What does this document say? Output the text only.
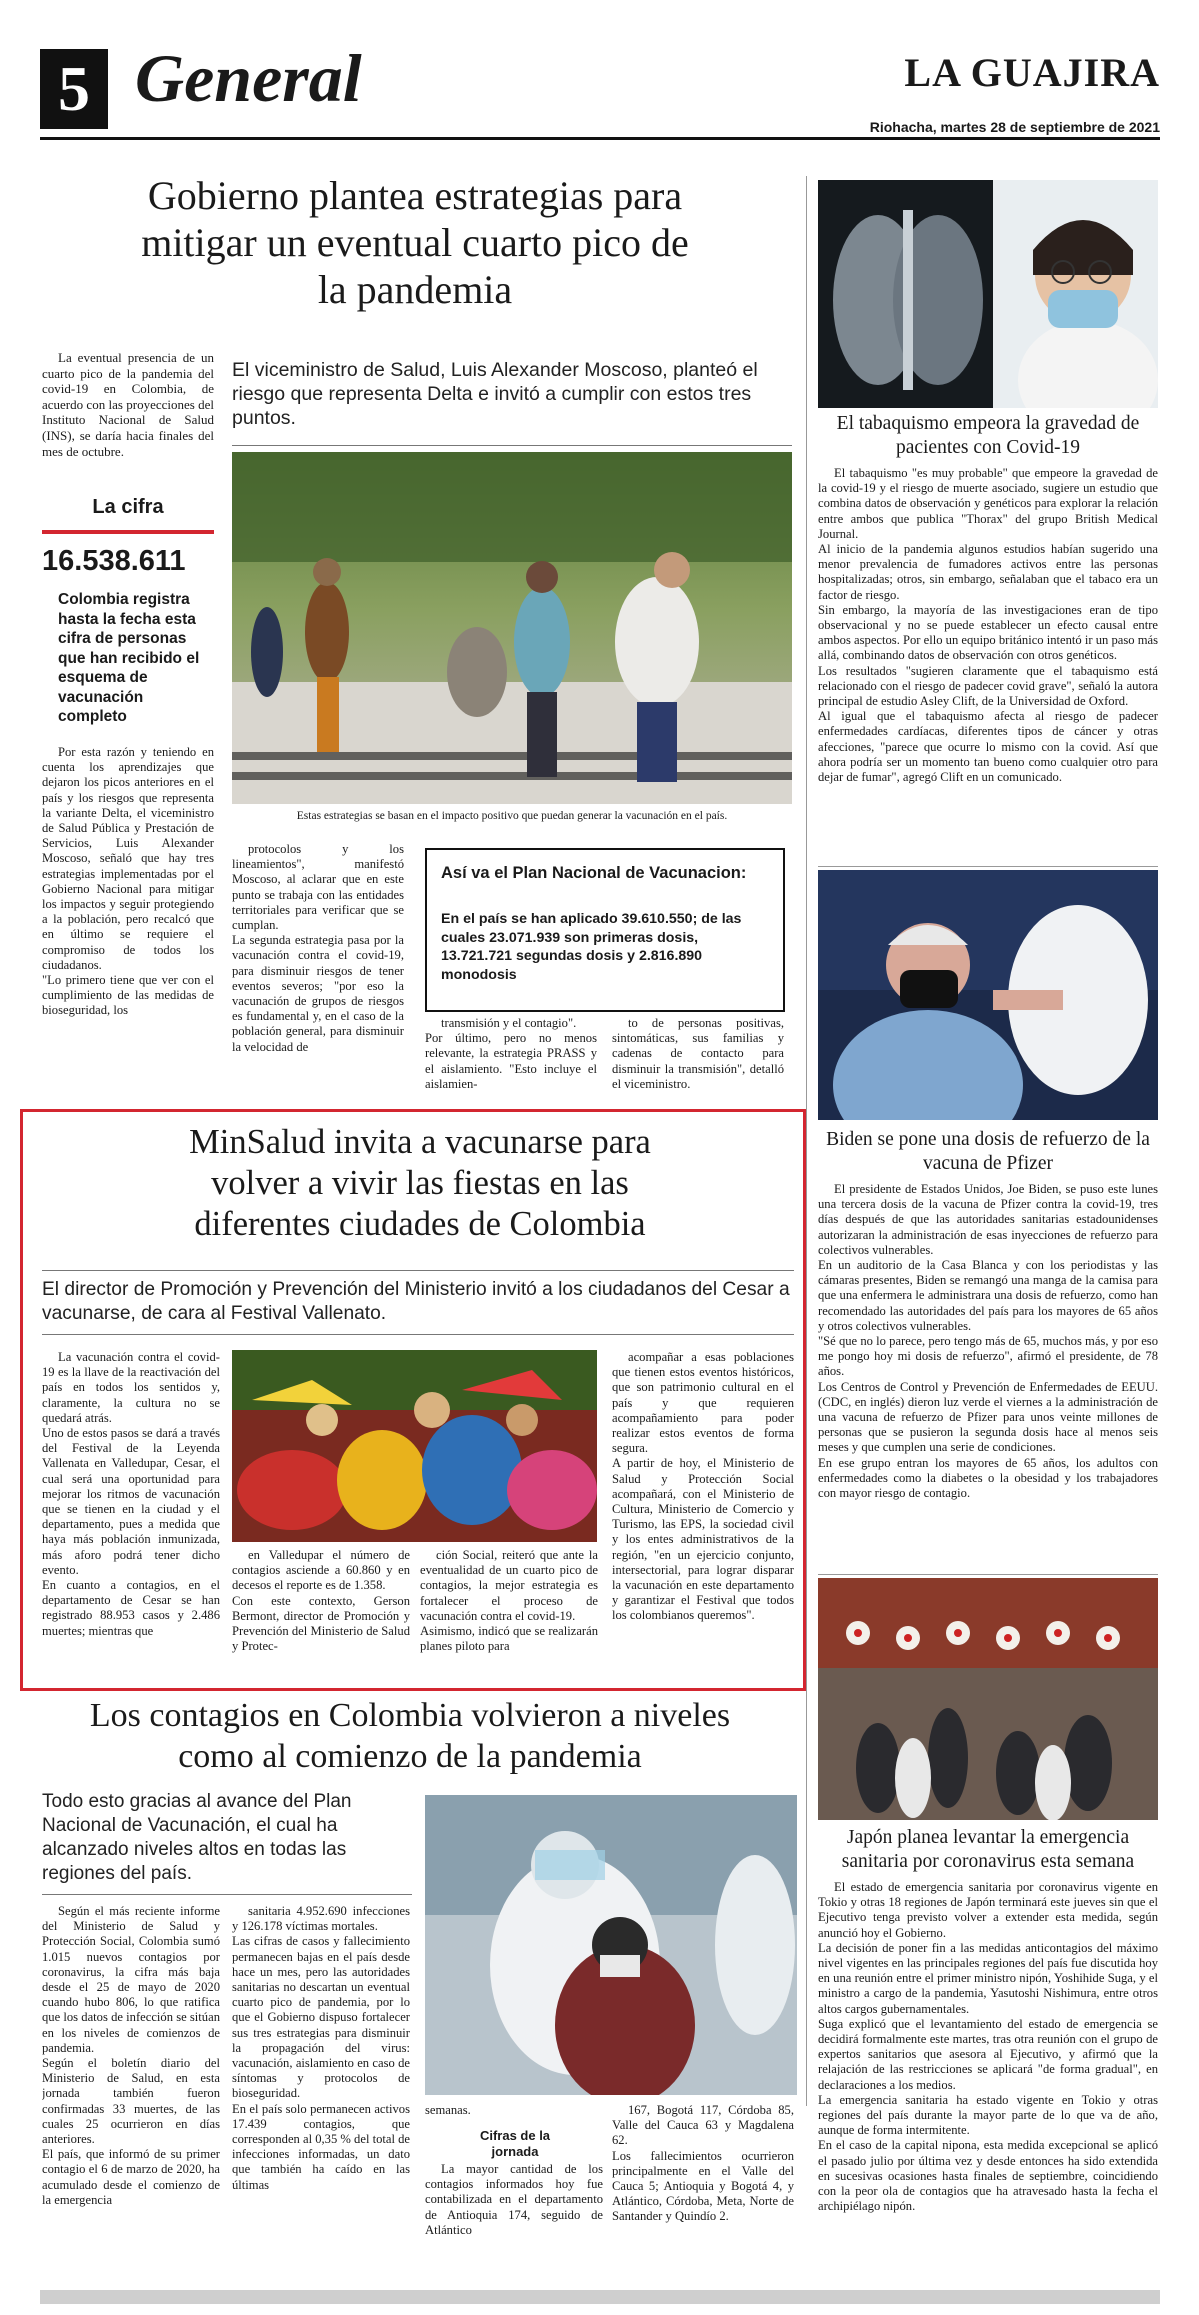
5 General	LA GUAJIRA
Riohacha, martes 28 de septiembre de 2021
Gobierno plantea estrategias para mitigar un eventual cuarto pico de la pandemia
La eventual presencia de un cuarto pico de la pandemia del covid-19 en Colombia, de acuerdo con las proyecciones del Instituto Nacional de Salud (INS), se daría hacia finales del mes de octubre.
El viceministro de Salud, Luis Alexander Moscoso, planteó el riesgo que representa Delta e invitó a cumplir con estos tres puntos.
La cifra
16.538.611
Colombia registra hasta la fecha esta cifra de personas que han recibido el esquema de vacunación completo
Por esta razón y teniendo en cuenta los aprendizajes que dejaron los picos anteriores en el país y los riesgos que representa la variante Delta, el viceministro de Salud Pública y Prestación de Servicios, Luis Alexander Moscoso, señaló que hay tres estrategias implementadas por el Gobierno Nacional para mitigar los impactos y seguir protegiendo a la población, pero recalcó que en último se requiere el compromiso de todos los ciudadanos.
"Lo primero tiene que ver con el cumplimiento de las medidas de bioseguridad, los
Estas estrategias se basan en el impacto positivo que puedan generar la vacunación en el país.
protocolos y los lineamientos", manifestó Moscoso, al aclarar que en este punto se trabaja con las entidades territoriales para verificar que se cumplan.
La segunda estrategia pasa por la vacunación contra el covid-19, para disminuir riesgos de tener eventos severos; "por eso la vacunación de grupos de riesgos es fundamental y, en el caso de la población general, para disminuir la velocidad de
Así va el Plan Nacional de Vacunacion:
En el país se han aplicado 39.610.550; de las cuales 23.071.939 son primeras dosis, 13.721.721 segundas dosis y 2.816.890 monodosis
transmisión y el contagio".
Por último, pero no menos relevante, la estrategia PRASS y el aislamiento. "Esto incluye el aislamien-
to de personas positivas, sintomáticas, sus familias y cadenas de contacto para disminuir la transmisión", detalló el viceministro.
MinSalud invita a vacunarse para volver a vivir las fiestas en las diferentes ciudades de Colombia
El director de Promoción y Prevención del Ministerio invitó a los ciudadanos del Cesar a vacunarse, de cara al Festival Vallenato.
La vacunación contra el covid-19 es la llave de la reactivación del país en todos los sentidos y, claramente, la cultura no se quedará atrás.
Uno de estos pasos se dará a través del Festival de la Leyenda Vallenata en Valledupar, Cesar, el cual será una oportunidad para mejorar los ritmos de vacunación que se tienen en la ciudad y el departamento, pues a medida que haya más población inmunizada, más aforo podrá tener dicho evento.
En cuanto a contagios, en el departamento de Cesar se han registrado 88.953 casos y 2.486 muertes; mientras que
en Valledupar el número de contagios asciende a 60.860 y en decesos el reporte es de 1.358.
Con este contexto, Gerson Bermont, director de Promoción y Prevención del Ministerio de Salud y Protec-
ción Social, reiteró que ante la eventualidad de un cuarto pico de contagios, la mejor estrategia es fortalecer el proceso de vacunación contra el covid-19.
Asimismo, indicó que se realizarán planes piloto para
acompañar a esas poblaciones que tienen estos eventos históricos, que son patrimonio cultural en el país y que requieren acompañamiento para poder realizar estos eventos de forma segura.
A partir de hoy, el Ministerio de Salud y Protección Social acompañará, con el Ministerio de Cultura, Ministerio de Comercio y Turismo, las EPS, la sociedad civil y los entes administrativos de la región, "en un ejercicio conjunto, intersectorial, para lograr disparar la vacunación en este departamento y garantizar el Festival que todos los colombianos queremos".
Los contagios en Colombia volvieron a niveles como al comienzo de la pandemia
Todo esto gracias al avance del Plan Nacional de Vacunación, el cual ha alcanzado niveles altos en todas las regiones del país.
Según el más reciente informe del Ministerio de Salud y Protección Social, Colombia sumó 1.015 nuevos contagios por coronavirus, la cifra más baja desde el 25 de mayo de 2020 cuando hubo 806, lo que ratifica que los datos de infección se sitúan en los niveles de comienzos de pandemia.
Según el boletín diario del Ministerio de Salud, en esta jornada también fueron confirmadas 33 muertes, de las cuales 25 ocurrieron en días anteriores.
El país, que informó de su primer contagio el 6 de marzo de 2020, ha acumulado desde el comienzo de la emergencia
sanitaria 4.952.690 infecciones y 126.178 víctimas mortales.
Las cifras de casos y fallecimiento permanecen bajas en el país desde hace un mes, pero las autoridades sanitarias no descartan un eventual cuarto pico de pandemia, por lo que el Gobierno dispuso fortalecer sus tres estrategias para disminuir la propagación del virus: vacunación, aislamiento en caso de síntomas y protocolos de bioseguridad.
En el país solo permanecen activos 17.439 contagios, que corresponden al 0,35 % del total de infecciones informadas, un dato que también ha caído en las últimas
semanas.
Cifras de la jornada
La mayor cantidad de los contagios informados hoy fue contabilizada en el departamento de Antioquia 174, seguido de Atlántico
167, Bogotá 117, Córdoba 85, Valle del Cauca 63 y Magdalena 62.
Los fallecimientos ocurrieron principalmente en el Valle del Cauca 5; Antioquia y Bogotá 4, y Atlántico, Córdoba, Meta, Norte de Santander y Quindío 2.
El tabaquismo empeora la gravedad de pacientes con Covid-19
El tabaquismo "es muy probable" que empeore la gravedad de la covid-19 y el riesgo de muerte asociado, sugiere un estudio que combina datos de observación y genéticos para explorar la relación entre ambos que publica "Thorax" del grupo British Medical Journal.
Al inicio de la pandemia algunos estudios habían sugerido una menor prevalencia de fumadores activos entre las personas hospitalizadas; otros, sin embargo, señalaban que el tabaco era un factor de riesgo.
Sin embargo, la mayoría de las investigaciones eran de tipo observacional y no se puede establecer un efecto causal entre ambos aspectos. Por ello un equipo británico intentó ir un paso más allá, combinando datos de observación con otros genéticos.
Los resultados "sugieren claramente que el tabaquismo está relacionado con el riesgo de padecer covid grave", señaló la autora principal de estudio Asley Clift, de la Universidad de Oxford.
Al igual que el tabaquismo afecta al riesgo de padecer enfermedades cardíacas, diferentes tipos de cáncer y otras afecciones, "parece que ocurre lo mismo con la covid. Así que ahora podría ser un momento tan bueno como cualquier otro para dejar de fumar", agregó Clift en un comunicado.
Biden se pone una dosis de refuerzo de la vacuna de Pfizer
El presidente de Estados Unidos, Joe Biden, se puso este lunes una tercera dosis de la vacuna de Pfizer contra la covid-19, tres días después de que las autoridades sanitarias estadounidenses autorizaran la administración de esas inyecciones de refuerzo para colectivos vulnerables.
En un auditorio de la Casa Blanca y con los periodistas y las cámaras presentes, Biden se remangó una manga de la camisa para que una enfermera le administrara una dosis de refuerzo, como han recomendado las autoridades del país para los mayores de 65 años y otros colectivos vulnerables.
"Sé que no lo parece, pero tengo más de 65, muchos más, y por eso me pongo hoy mi dosis de refuerzo", afirmó el presidente, de 78 años.
Los Centros de Control y Prevención de Enfermedades de EEUU. (CDC, en inglés) dieron luz verde el viernes a la administración de una vacuna de refuerzo de Pfizer para unos veinte millones de personas que se pusieron la segunda dosis hace al menos seis meses y que cumplen una serie de condiciones.
En ese grupo entran los mayores de 65 años, los adultos con enfermedades como la diabetes o la obesidad y los trabajadores con mayor riesgo de contagio.
Japón planea levantar la emergencia sanitaria por coronavirus esta semana
El estado de emergencia sanitaria por coronavirus vigente en Tokio y otras 18 regiones de Japón terminará este jueves sin que el Ejecutivo tenga previsto volver a extender esta medida, según anunció hoy el Gobierno.
La decisión de poner fin a las medidas anticontagios del máximo nivel vigentes en las principales regiones del país fue discutida hoy en una reunión entre el primer ministro nipón, Yoshihide Suga, y el ministro a cargo de la pandemia, Yasutoshi Nishimura, entre otros altos cargos gubernamentales.
Suga explicó que el levantamiento del estado de emergencia se decidirá formalmente este martes, tras otra reunión con el grupo de expertos sanitarios que asesora al Ejecutivo, y afirmó que la relajación de las restricciones se aplicará "de forma gradual", en declaraciones a los medios.
La emergencia sanitaria ha estado vigente en Tokio y otras regiones del país durante la mayor parte de lo que va de año, aunque de forma intermitente.
En el caso de la capital nipona, esta medida excepcional se aplicó el pasado julio por última vez y desde entonces ha sido extendida en sucesivas ocasiones hasta finales de septiembre, coincidiendo con la peor ola de contagios que ha atravesado hasta la fecha el archipiélago nipón.
